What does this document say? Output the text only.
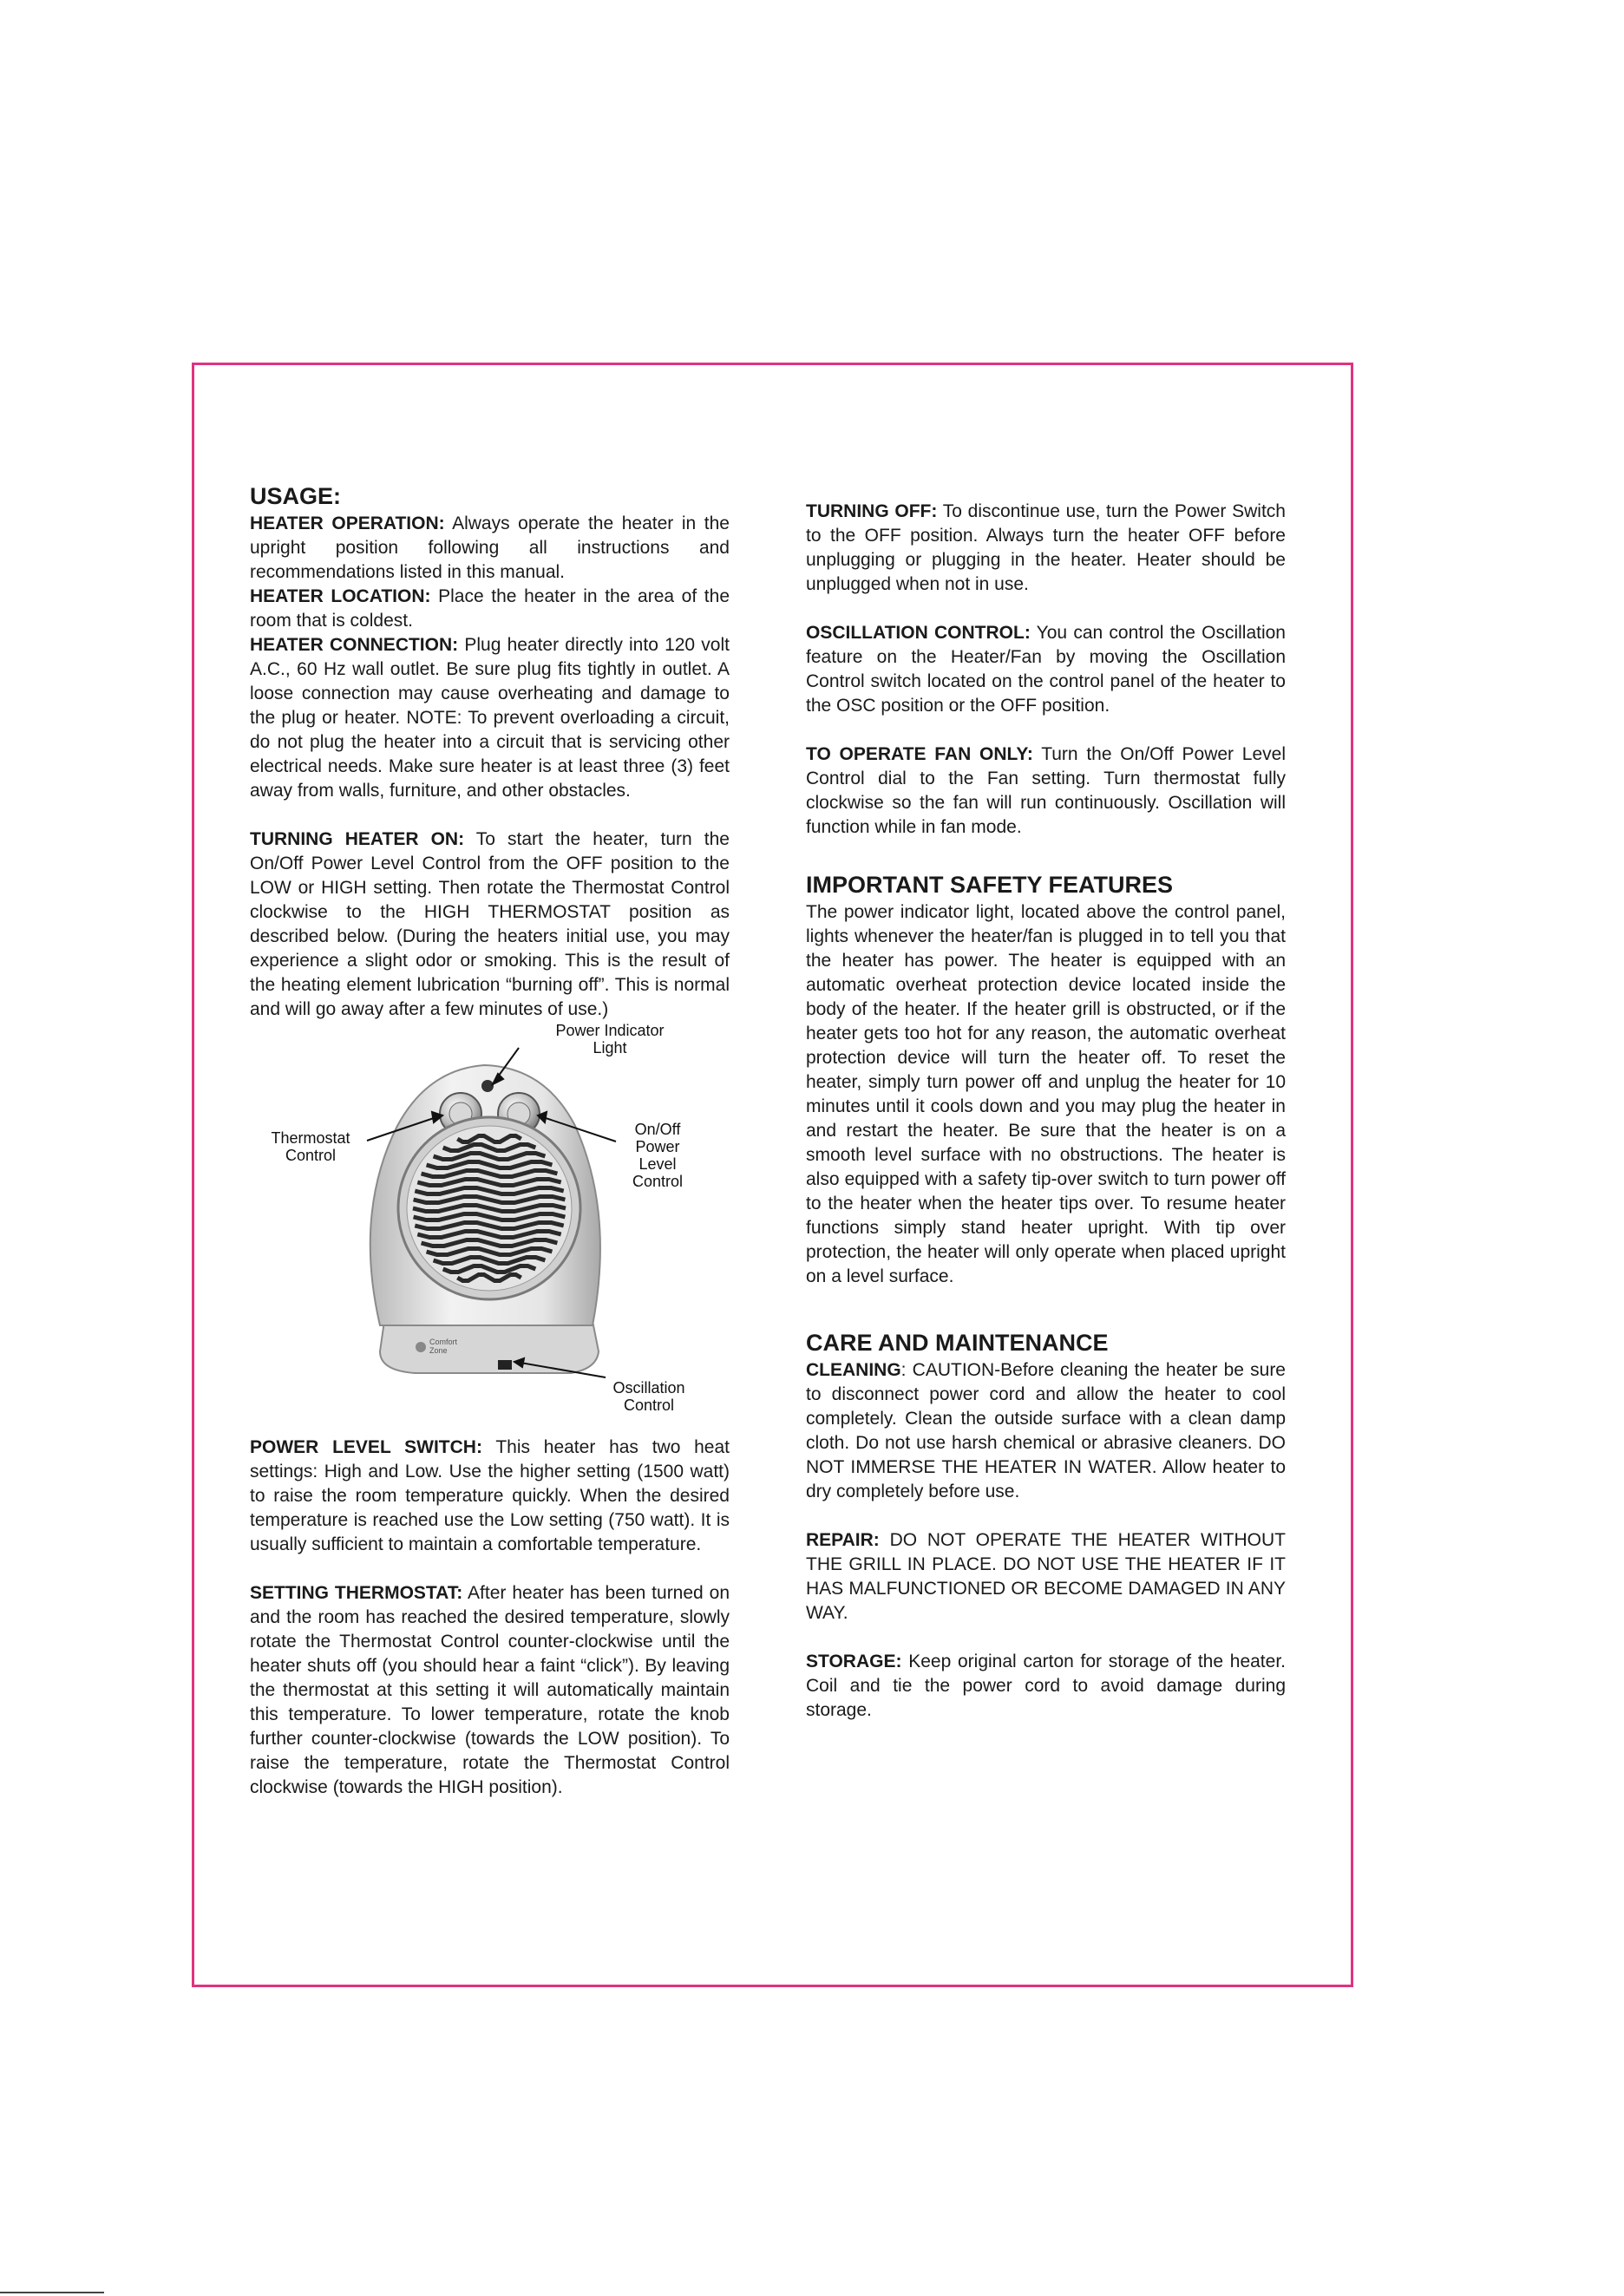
USAGE:

HEATER OPERATION: Always operate the heater in the upright position following all instructions and recommendations listed in this manual.

HEATER LOCATION: Place the heater in the area of the room that is coldest.

HEATER CONNECTION: Plug heater directly into 120 volt A.C., 60 Hz wall outlet. Be sure plug fits tightly in outlet. A loose connection may cause overheating and damage to the plug or heater. NOTE: To prevent overloading a circuit, do not plug the heater into a circuit that is servicing other electrical needs. Make sure heater is at least three (3) feet away from walls, furniture, and other obstacles.

TURNING HEATER ON: To start the heater, turn the On/Off Power Level Control from the OFF position to the LOW or HIGH setting. Then rotate the Thermostat Control clockwise to the HIGH THERMOSTAT position as described below. (During the heaters initial use, you may experience a slight odor or smoking. This is the result of the heating element lubrication “burning off”. This is normal and will go away after a few minutes of use.)

Comfort
Zone
Power Indicator
Light
Thermostat
Control
On/Off
Power
Level
Control
Oscillation
Control

POWER LEVEL SWITCH: This heater has two heat settings: High and Low. Use the higher setting (1500 watt) to raise the room temperature quickly. When the desired temperature is reached use the Low setting (750 watt). It is usually sufficient to maintain a comfortable temperature.

SETTING THERMOSTAT: After heater has been turned on and the room has reached the desired temperature, slowly rotate the Thermostat Control counter-clockwise until the heater shuts off (you should hear a faint “click”). By leaving the thermostat at this setting it will automatically maintain this temperature. To lower temperature, rotate the knob further counter-clockwise (towards the LOW position). To raise the temperature, rotate the Thermostat Control clockwise (towards the HIGH position).

TURNING OFF: To discontinue use, turn the Power Switch to the OFF position. Always turn the heater OFF before unplugging or plugging in the heater. Heater should be unplugged when not in use.

OSCILLATION CONTROL: You can control the Oscillation feature on the Heater/Fan by moving the Oscillation Control switch located on the control panel of the heater to the OSC position or the OFF position.

TO OPERATE FAN ONLY: Turn the On/Off Power Level Control dial to the Fan setting. Turn thermostat fully clockwise so the fan will run continuously. Oscillation will function while in fan mode.

IMPORTANT SAFETY FEATURES

The power indicator light, located above the control panel, lights whenever the heater/fan is plugged in to tell you that the heater has power. The heater is equipped with an automatic overheat protection device located inside the body of the heater. If the heater grill is obstructed, or if the heater gets too hot for any reason, the automatic overheat protection device will turn the heater off. To reset the heater, simply turn power off and unplug the heater for 10 minutes until it cools down and you may plug the heater in and restart the heater. Be sure that the heater is on a smooth level surface with no obstructions. The heater is also equipped with a safety tip-over switch to turn power off to the heater when the heater tips over. To resume heater functions simply stand heater upright. With tip over protection, the heater will only operate when placed upright on a level surface.

CARE AND MAINTENANCE

CLEANING: CAUTION-Before cleaning the heater be sure to disconnect power cord and allow the heater to cool completely. Clean the outside surface with a clean damp cloth. Do not use harsh chemical or abrasive cleaners. DO NOT IMMERSE THE HEATER IN WATER. Allow heater to dry completely before use.

REPAIR: DO NOT OPERATE THE HEATER WITHOUT THE GRILL IN PLACE. DO NOT USE THE HEATER IF IT HAS MALFUNCTIONED OR BECOME DAMAGED IN ANY WAY.

STORAGE: Keep original carton for storage of the heater. Coil and tie the power cord to avoid damage during storage.
